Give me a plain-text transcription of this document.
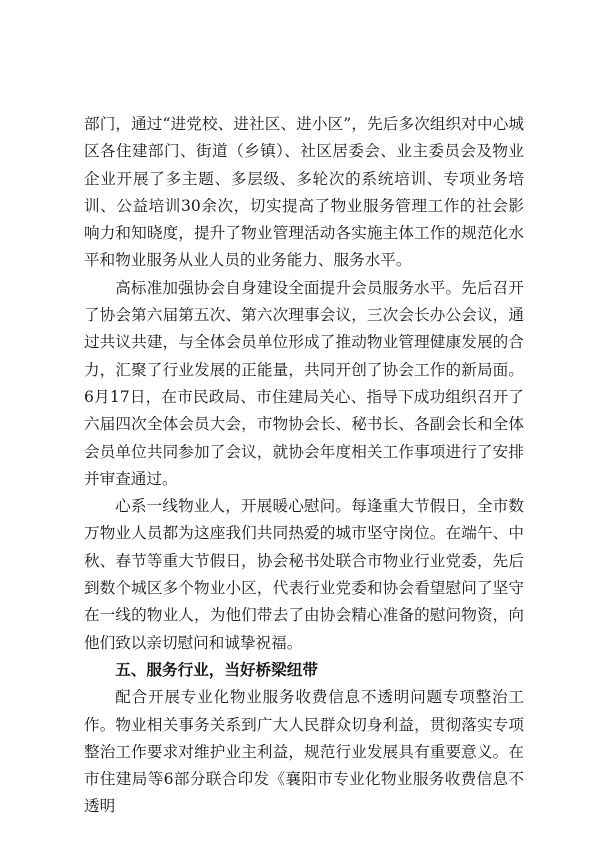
部门，通过“进党校、进社区、进小区”，先后多次组织对中心城区各住建部门、街道（乡镇）、社区居委会、业主委员会及物业企业开展了多主题、多层级、多轮次的系统培训、专项业务培训、公益培训30余次，切实提高了物业服务管理工作的社会影响力和知晓度，提升了物业管理活动各实施主体工作的规范化水平和物业服务从业人员的业务能力、服务水平。

高标准加强协会自身建设全面提升会员服务水平。先后召开了协会第六届第五次、第六次理事会议，三次会长办公会议，通过共议共建，与全体会员单位形成了推动物业管理健康发展的合力，汇聚了行业发展的正能量，共同开创了协会工作的新局面。6月17日，在市民政局、市住建局关心、指导下成功组织召开了六届四次全体会员大会，市物协会长、秘书长、各副会长和全体会员单位共同参加了会议，就协会年度相关工作事项进行了安排并审查通过。

心系一线物业人，开展暖心慰问。每逢重大节假日，全市数万物业人员都为这座我们共同热爱的城市坚守岗位。在端午、中秋、春节等重大节假日，协会秘书处联合市物业行业党委，先后到数个城区多个物业小区，代表行业党委和协会看望慰问了坚守在一线的物业人，为他们带去了由协会精心准备的慰问物资，向他们致以亲切慰问和诚挚祝福。

五、服务行业，当好桥梁纽带

配合开展专业化物业服务收费信息不透明问题专项整治工作。物业相关事务关系到广大人民群众切身利益，贯彻落实专项整治工作要求对维护业主利益，规范行业发展具有重要意义。在市住建局等6部分联合印发《襄阳市专业化物业服务收费信息不透明
